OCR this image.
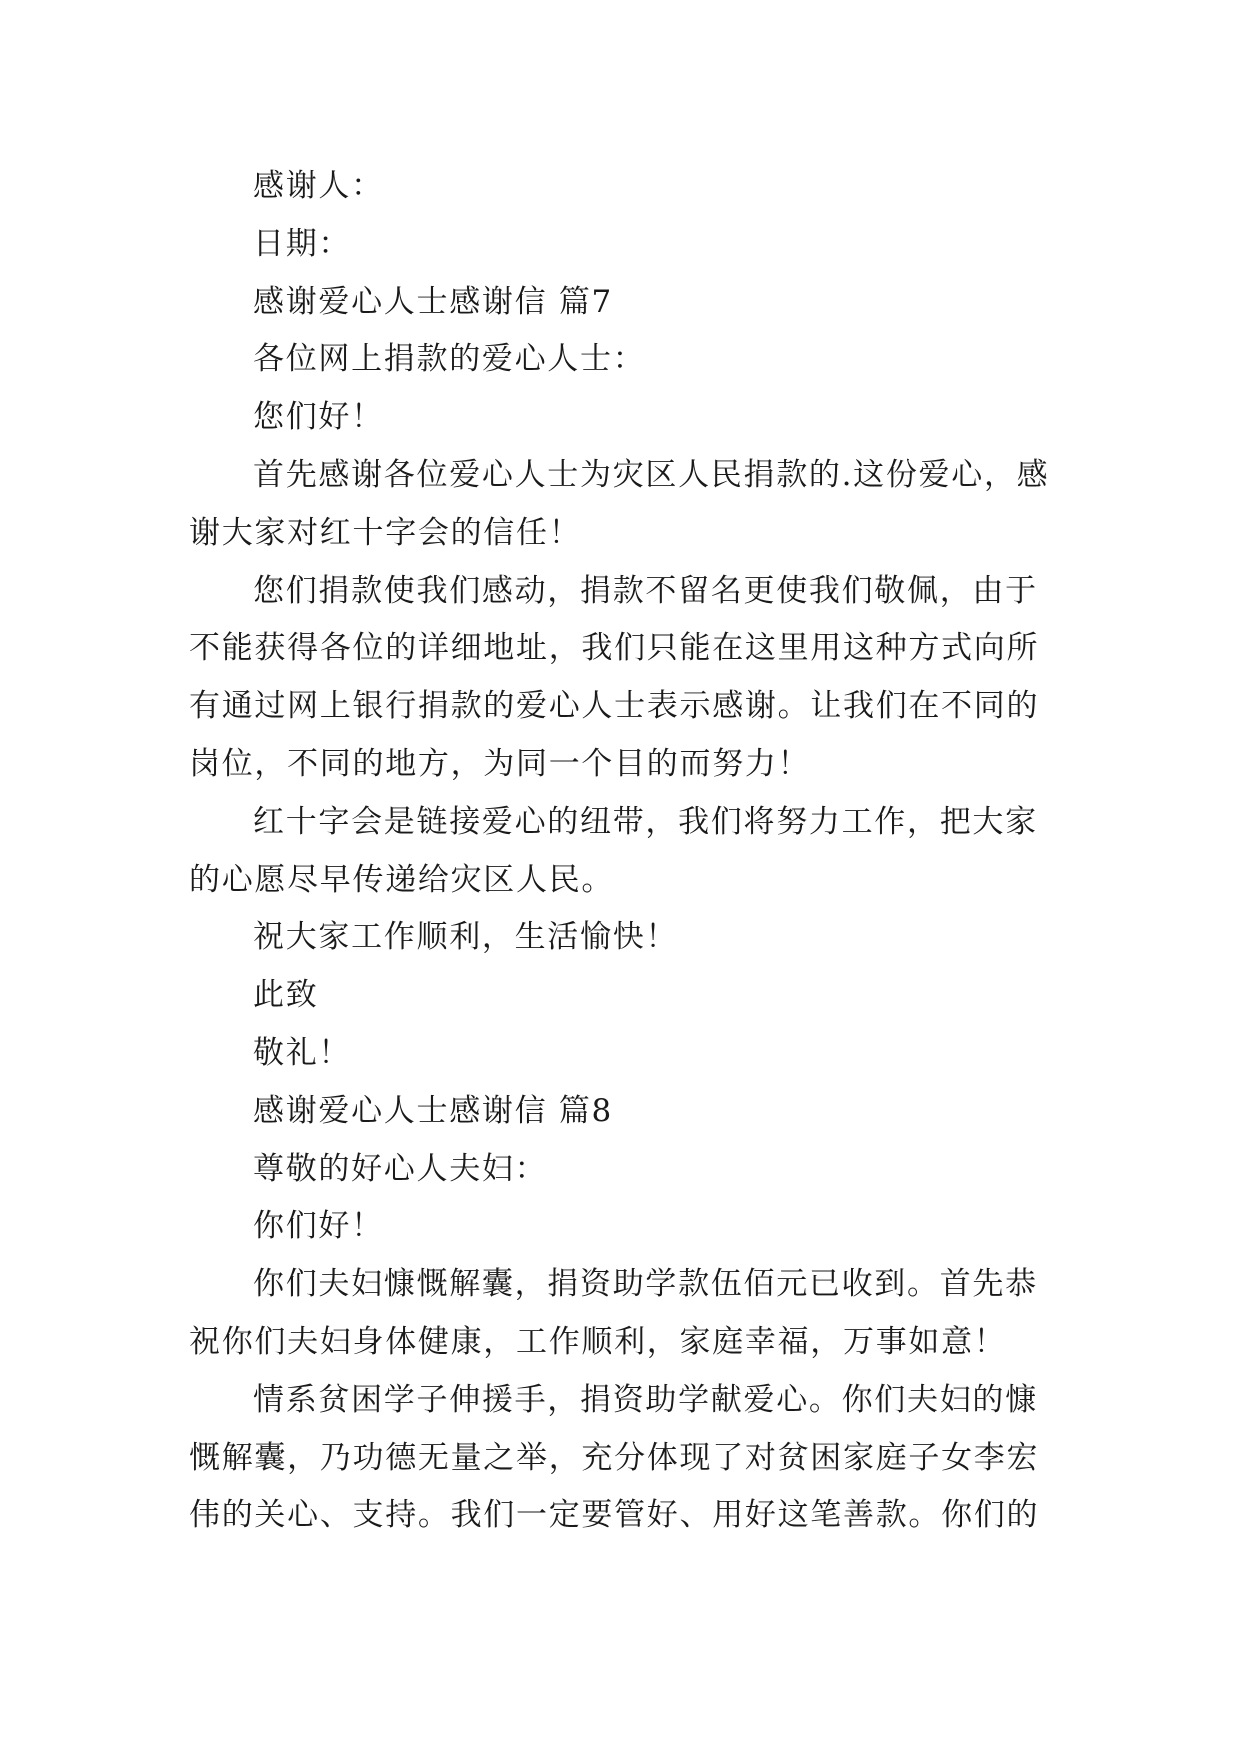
感谢人：

日期：

感谢爱心人士感谢信 篇7

各位网上捐款的爱心人士：

您们好！

首先感谢各位爱心人士为灾区人民捐款的.这份爱心，感谢大家对红十字会的信任！

您们捐款使我们感动，捐款不留名更使我们敬佩，由于不能获得各位的详细地址，我们只能在这里用这种方式向所有通过网上银行捐款的爱心人士表示感谢。让我们在不同的岗位，不同的地方，为同一个目的而努力！

红十字会是链接爱心的纽带，我们将努力工作，把大家的心愿尽早传递给灾区人民。

祝大家工作顺利，生活愉快！

此致

敬礼！

感谢爱心人士感谢信 篇8

尊敬的好心人夫妇：

你们好！

你们夫妇慷慨解囊，捐资助学款伍佰元已收到。首先恭祝你们夫妇身体健康，工作顺利，家庭幸福，万事如意！

情系贫困学子伸援手，捐资助学献爱心。你们夫妇的慷慨解囊，乃功德无量之举，充分体现了对贫困家庭子女李宏伟的关心、支持。我们一定要管好、用好这笔善款。你们的
